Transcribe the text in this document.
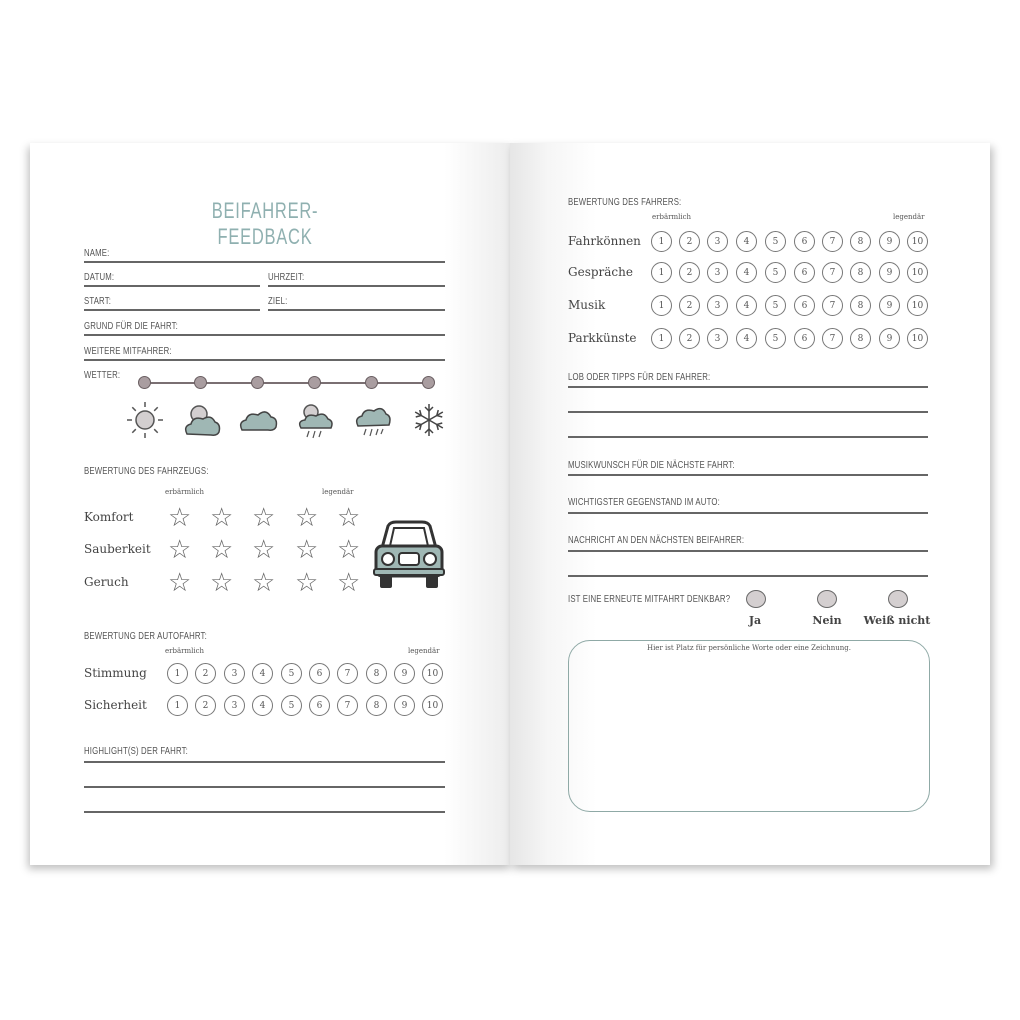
BEIFAHRER-FEEDBACK
NAME:
DATUM:	UHRZEIT:
START:	ZIEL:
GRUND FÜR DIE FAHRT:
WEITERE MITFAHRER:
WETTER:
BEWERTUNG DES FAHRZEUGS:
erbärmlich	legendär
Komfort ☆ ☆ ☆ ☆ ☆
Sauberkeit ☆ ☆ ☆ ☆ ☆
Geruch ☆ ☆ ☆ ☆ ☆
BEWERTUNG DER AUTOFAHRT:
erbärmlich	legendär
Stimmung	1	2	3	4	5	6	7	8	9	10
Sicherheit	1	2	3	4	5	6	7	8	9	10
HIGHLIGHT(S) DER FAHRT:
BEWERTUNG DES FAHRERS:
erbärmlich	legendär
Fahrkönnen	1	2	3	4	5	6	7	8	9	10
Gespräche	1	2	3	4	5	6	7	8	9	10
Musik	1	2	3	4	5	6	7	8	9	10
Parkkünste	1	2	3	4	5	6	7	8	9	10
LOB ODER TIPPS FÜR DEN FAHRER:
MUSIKWUNSCH FÜR DIE NÄCHSTE FAHRT:
WICHTIGSTER GEGENSTAND IM AUTO:
NACHRICHT AN DEN NÄCHSTEN BEIFAHRER:
IST EINE ERNEUTE MITFAHRT DENKBAR?
Ja	Nein Weiß nicht
Hier ist Platz für persönliche Worte oder eine Zeichnung.
